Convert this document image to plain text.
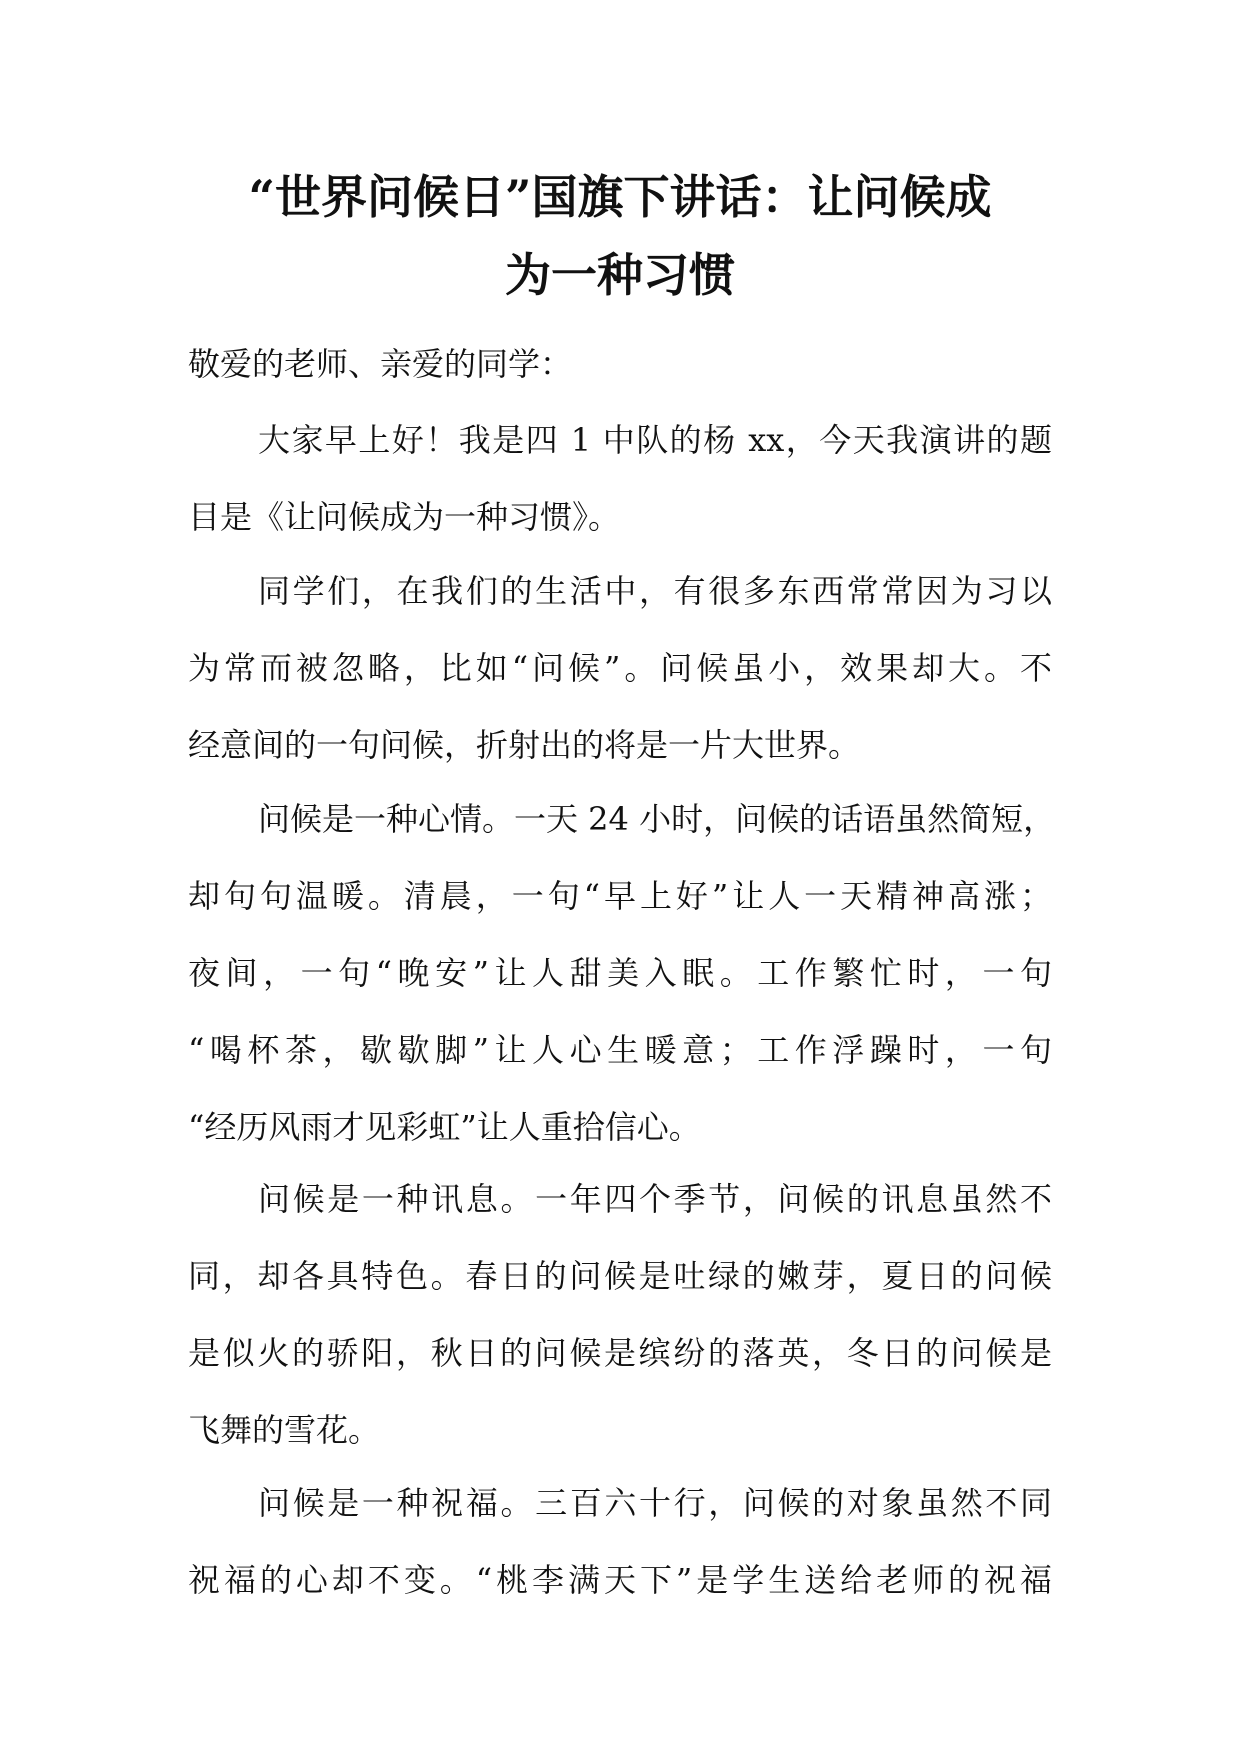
“世界问候日”国旗下讲话：让问候成
为一种习惯

敬爱的老师、亲爱的同学：

大家早上好！我是四 1 中队的杨 xx，今天我演讲的题
目是《让问候成为一种习惯》。
同学们，在我们的生活中，有很多东西常常因为习以
为常而被忽略，比如“问候”。问候虽小，效果却大。不
经意间的一句问候，折射出的将是一片大世界。
问候是一种心情。一天 24 小时，问候的话语虽然简短，
却句句温暖。清晨，一句“早上好”让人一天精神高涨；
夜间，一句“晚安”让人甜美入眠。工作繁忙时，一句
“喝杯茶，歇歇脚”让人心生暖意；工作浮躁时，一句
“经历风雨才见彩虹”让人重拾信心。
问候是一种讯息。一年四个季节，问候的讯息虽然不
同，却各具特色。春日的问候是吐绿的嫩芽，夏日的问候
是似火的骄阳，秋日的问候是缤纷的落英，冬日的问候是
飞舞的雪花。
问候是一种祝福。三百六十行，问候的对象虽然不同
祝福的心却不变。“桃李满天下”是学生送给老师的祝福
